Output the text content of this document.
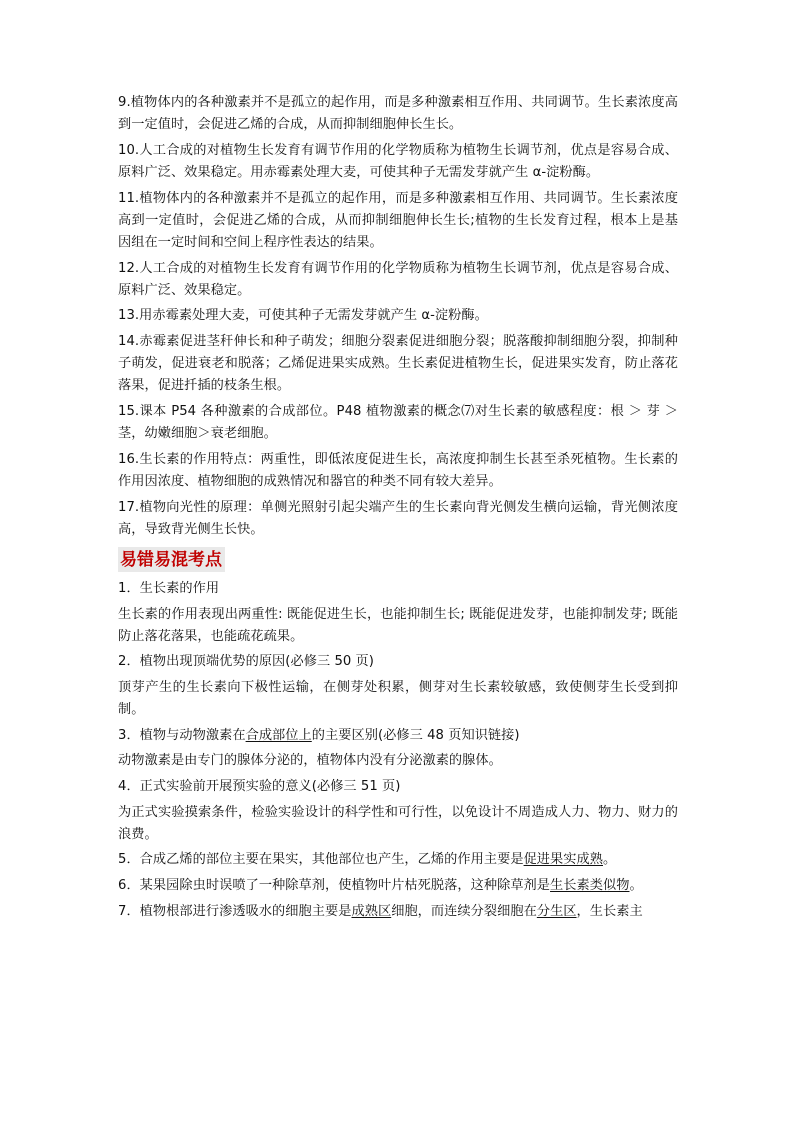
9.植物体内的各种激素并不是孤立的起作用，而是多种激素相互作用、共同调节。生长素浓度高到一定值时，会促进乙烯的合成，从而抑制细胞伸长生长。

10.人工合成的对植物生长发育有调节作用的化学物质称为植物生长调节剂，优点是容易合成、原料广泛、效果稳定。用赤霉素处理大麦，可使其种子无需发芽就产生 α-淀粉酶。

11.植物体内的各种激素并不是孤立的起作用，而是多种激素相互作用、共同调节。生长素浓度高到一定值时，会促进乙烯的合成，从而抑制细胞伸长生长;植物的生长发育过程，根本上是基因组在一定时间和空间上程序性表达的结果。

12.人工合成的对植物生长发育有调节作用的化学物质称为植物生长调节剂，优点是容易合成、原料广泛、效果稳定。

13.用赤霉素处理大麦，可使其种子无需发芽就产生 α-淀粉酶。

14.赤霉素促进茎秆伸长和种子萌发；细胞分裂素促进细胞分裂；脱落酸抑制细胞分裂，抑制种子萌发，促进衰老和脱落；乙烯促进果实成熟。生长素促进植物生长，促进果实发育，防止落花落果，促进扦插的枝条生根。

15.课本 P54 各种激素的合成部位。P48 植物激素的概念⑺对生长素的敏感程度：根 ＞ 芽 ＞ 茎，幼嫩细胞＞衰老细胞。

16.生长素的作用特点：两重性，即低浓度促进生长，高浓度抑制生长甚至杀死植物。生长素的作用因浓度、植物细胞的成熟情况和器官的种类不同有较大差异。

17.植物向光性的原理：单侧光照射引起尖端产生的生长素向背光侧发生横向运输，背光侧浓度高，导致背光侧生长快。

易错易混考点

1．生长素的作用

生长素的作用表现出两重性: 既能促进生长，也能抑制生长; 既能促进发芽，也能抑制发芽; 既能防止落花落果，也能疏花疏果。

2．植物出现顶端优势的原因(必修三 50 页)

顶芽产生的生长素向下极性运输，在侧芽处积累，侧芽对生长素较敏感，致使侧芽生长受到抑制。

3．植物与动物激素在合成部位上的主要区别(必修三 48 页知识链接)

动物激素是由专门的腺体分泌的，植物体内没有分泌激素的腺体。

4．正式实验前开展预实验的意义(必修三 51 页)

为正式实验摸索条件，检验实验设计的科学性和可行性，以免设计不周造成人力、物力、财力的浪费。

5．合成乙烯的部位主要在果实，其他部位也产生，乙烯的作用主要是促进果实成熟。

6．某果园除虫时误喷了一种除草剂，使植物叶片枯死脱落，这种除草剂是生长素类似物。

7．植物根部进行渗透吸水的细胞主要是成熟区细胞，而连续分裂细胞在分生区，生长素主
